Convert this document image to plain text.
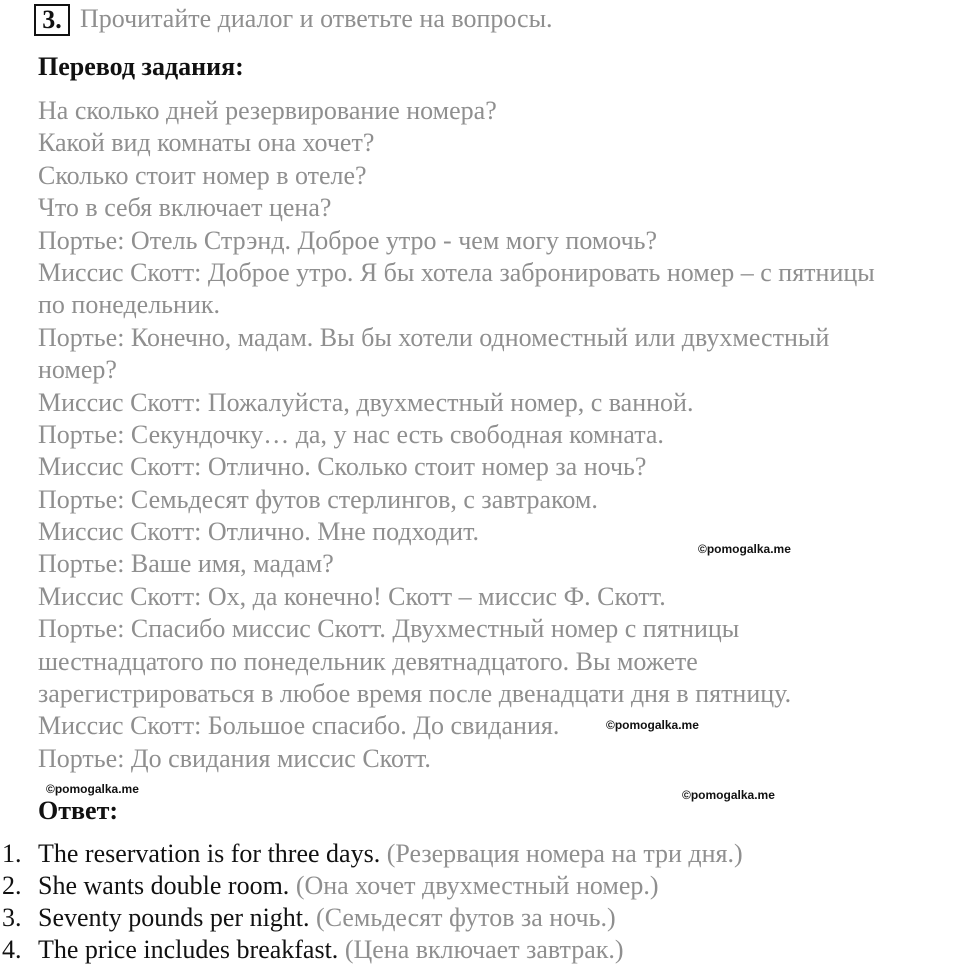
3. Прочитайте диалог и ответьте на вопросы.
Перевод задания:
На сколько дней резервирование номера?
Какой вид комнаты она хочет?
Сколько стоит номер в отеле?
Что в себя включает цена?
Портье: Отель Стрэнд. Доброе утро - чем могу помочь?
Миссис Скотт: Доброе утро. Я бы хотела забронировать номер – с пятницы
по понедельник.
Портье: Конечно, мадам. Вы бы хотели одноместный или двухместный
номер?
Миссис Скотт: Пожалуйста, двухместный номер, с ванной.
Портье: Секундочку… да, у нас есть свободная комната.
Миссис Скотт: Отлично. Сколько стоит номер за ночь?
Портье: Семьдесят футов стерлингов, с завтраком.
Миссис Скотт: Отлично. Мне подходит.
Портье: Ваше имя, мадам?
Миссис Скотт: Ох, да конечно! Скотт – миссис Ф. Скотт.
Портье: Спасибо миссис Скотт. Двухместный номер с пятницы
шестнадцатого по понедельник девятнадцатого. Вы можете
зарегистрироваться в любое время после двенадцати дня в пятницу.
Миссис Скотт: Большое спасибо. До свидания.
Портье: До свидания миссис Скотт.
©pomogalka.me
©pomogalka.me
©pomogalka.me	©pomogalka.me
Ответ:
1. The reservation is for three days. (Резервация номера на три дня.)
2. She wants double room. (Она хочет двухместный номер.)
3. Seventy pounds per night. (Семьдесят футов за ночь.)
4. The price includes breakfast. (Цена включает завтрак.)
